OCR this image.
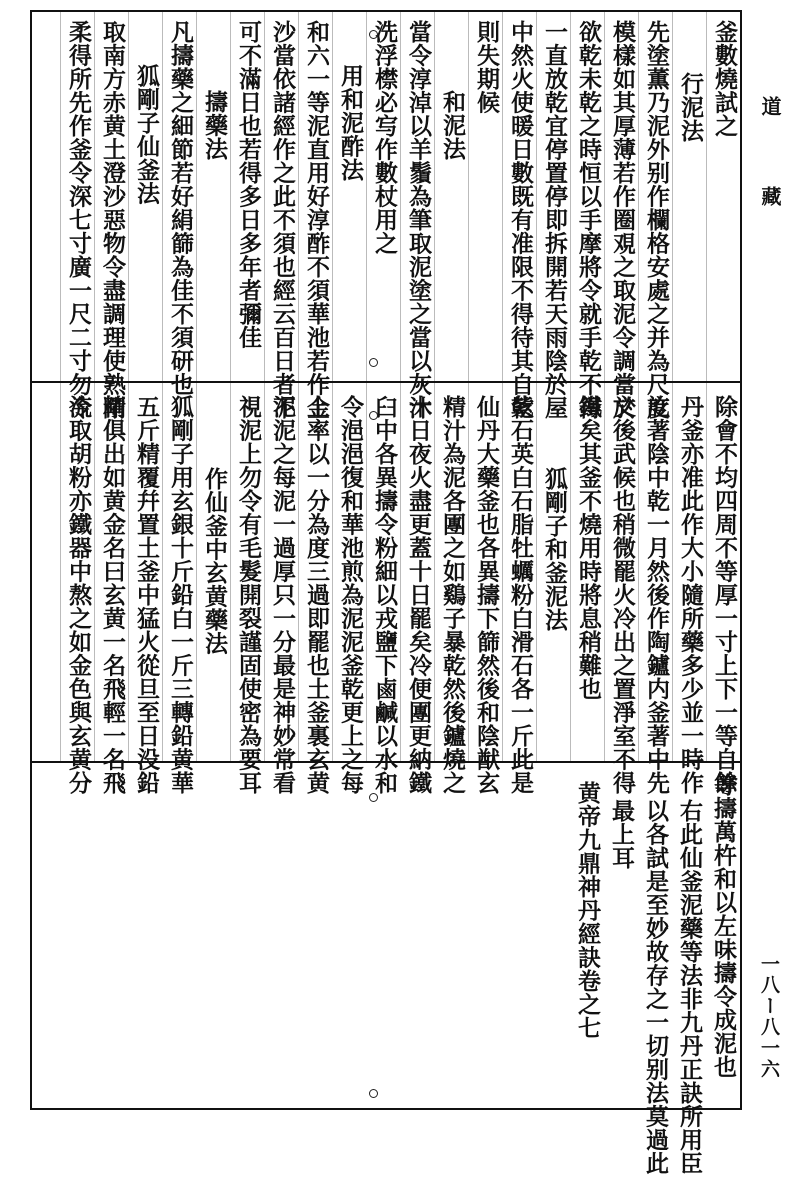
釜數燒試之
行泥法
先塗薫乃泥外别作欄格安處之并為尺度
模樣如其厚薄若作圈覌之取泥令調當於
欲乾未乾之時恒以手摩將令就手乾不得
一直放乾宜停置停即拆開若天雨陰於屋
中然火使暖日數既有准限不得待其自乾
則失期候
和泥法
當令淳淖以羊鬚為筆取泥塗之當以灰沐
洗浮㯲必㝍作數杖用之
用和泥酢法
和六一等泥直用好淳酢不須華池若作金
沙當依諸經作之此不須也經云百日者不
可不滿日也若得多日多年者彌佳
擣藥法
凡擣藥之細節若好絹篩為佳不須研也
狐剛子仙釜法
取南方赤黄土澄沙惡物令盡調理使熟剛
柔得所先作釜令深七寸廣一尺二寸勿令
除會不均四周不等厚一寸上下一等自餘
丹釜亦准此作大小隨所藥多少並一時作
訖著陰中乾一月然後作陶鑪内釜著中先
文後武候也稍微罷火冷出之置淨室不得
鐵矣其釜不燒用時將息稍難也
狐剛子和釜泥法
紫石英白石脂牡蠣粉白滑石各一斤此是
仙丹大藥釜也各異擣下篩然後和陰猷玄
精汁為泥各團之如鷄子暴乾然後鑪燒之
十日夜火盡更蓋十日罷矣冷便團更納鐵
臼中各異擣令粉細以戎鹽下鹵鹹以水和
令浥浥復和華池煎為泥泥釜乾更上之每
上率以一分為度三過即罷也土釜裏玄黄
泥泥之每泥一過厚只一分最是神妙常看
視泥上勿令有毛髮開裂謹固使密為要耳
作仙釜中玄黄藥法
狐剛子用玄銀十斤鉛白一斤三轉鉛黄華
五斤精覆幷置土釜中猛火從旦至日没鉛
精俱出如黄金名曰玄黄一名飛輕一名飛
流取胡粉亦鐵器中熬之如金色與玄黄分
等擣萬杵和以左味擣令成泥也
右此仙釜泥藥等法非九丹正訣所用臣
以各試是至妙故存之一切别法莫過此
最上耳
黄帝九鼎神丹經訣卷之七
道
藏
一八ー八一六
